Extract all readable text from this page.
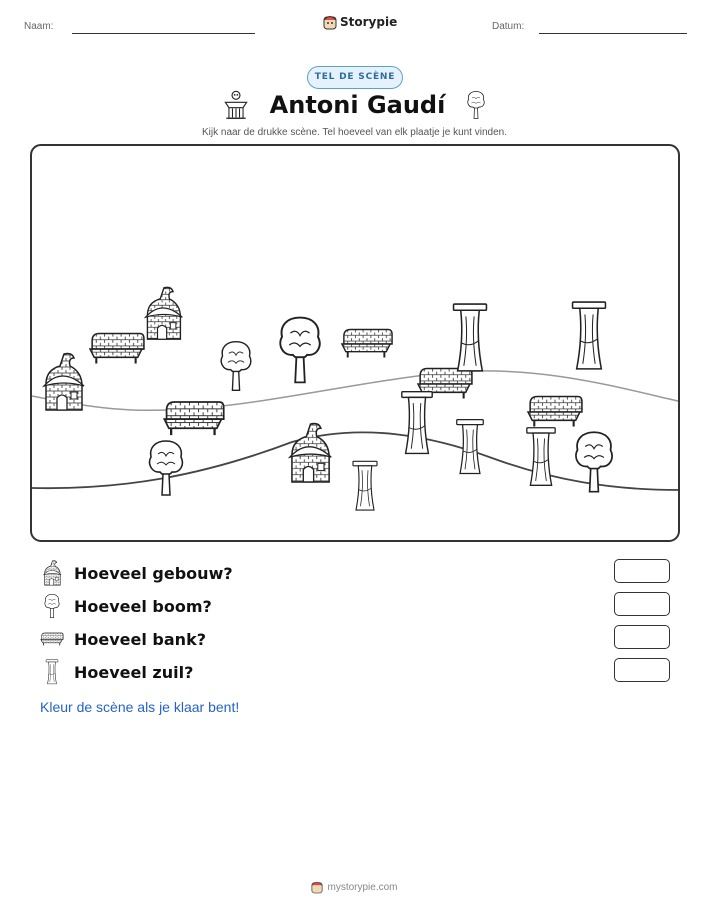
Naam:	Storypie	Datum:
TEL DE SCÈNE
Antoni Gaudí
Kijk naar de drukke scène. Tel hoeveel van elk plaatje je kunt vinden.
Hoeveel gebouw?
Hoeveel boom?
Hoeveel bank?
Hoeveel zuil?
Kleur de scène als je klaar bent!
mystorypie.com
